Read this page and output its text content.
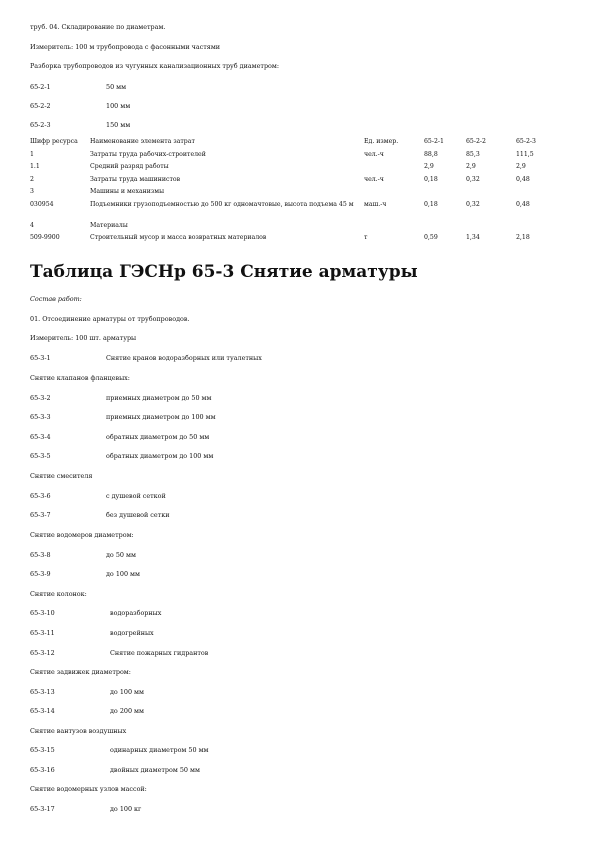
труб. 04. Складирование по диаметрам.
Измеритель: 100 м трубопровода с фасонными частями
Разборка трубопроводов из чугунных канализационных труб диаметром:
65-2-1	50 мм
65-2-2	100 мм
65-2-3	150 мм
Шифр ресурса	Наименование элемента затрат	Ед. измер.	65-2-1	65-2-2	65-2-3
1	Затраты труда рабочих-строителей	чел.-ч	88,8	85,3	111,5
1.1	Средний разряд работы		2,9	2,9	2,9
2	Затраты труда машинистов	чел.-ч	0,18	0,32	0,48
3	Машины и механизмы				
030954	Подъемники грузоподъемностью до 500 кг одномачтовые, высота подъема 45 м	маш.-ч	0,18	0,32	0,48
4	Материалы				
509-9900	Строительный мусор и масса возвратных материалов	т	0,59	1,34	2,18
Таблица ГЭСНр 65-3 Снятие арматуры
Состав работ:
01. Отсоединение арматуры от трубопроводов.
Измеритель: 100 шт. арматуры
65-3-1	Снятие кранов водоразборных или туалетных
Снятие клапанов фланцевых:
65-3-2	приемных диаметром до 50 мм
65-3-3	приемных диаметром до 100 мм
65-3-4	обратных диаметром до 50 мм
65-3-5	обратных диаметром до 100 мм
Снятие смесителя
65-3-6	с душевой сеткой
65-3-7	без душевой сетки
Снятие водомеров диаметром:
65-3-8	до 50 мм
65-3-9	до 100 мм
Снятие колонок:
65-3-10	водоразборных
65-3-11	водогрейных
65-3-12	Снятие пожарных гидрантов
Снятие задвижек диаметром:
65-3-13	до 100 мм
65-3-14	до 200 мм
Снятие вантузов воздушных
65-3-15	одинарных диаметром 50 мм
65-3-16	двойных диаметром 50 мм
Снятие водомерных узлов массой:
65-3-17	до 100 кг
